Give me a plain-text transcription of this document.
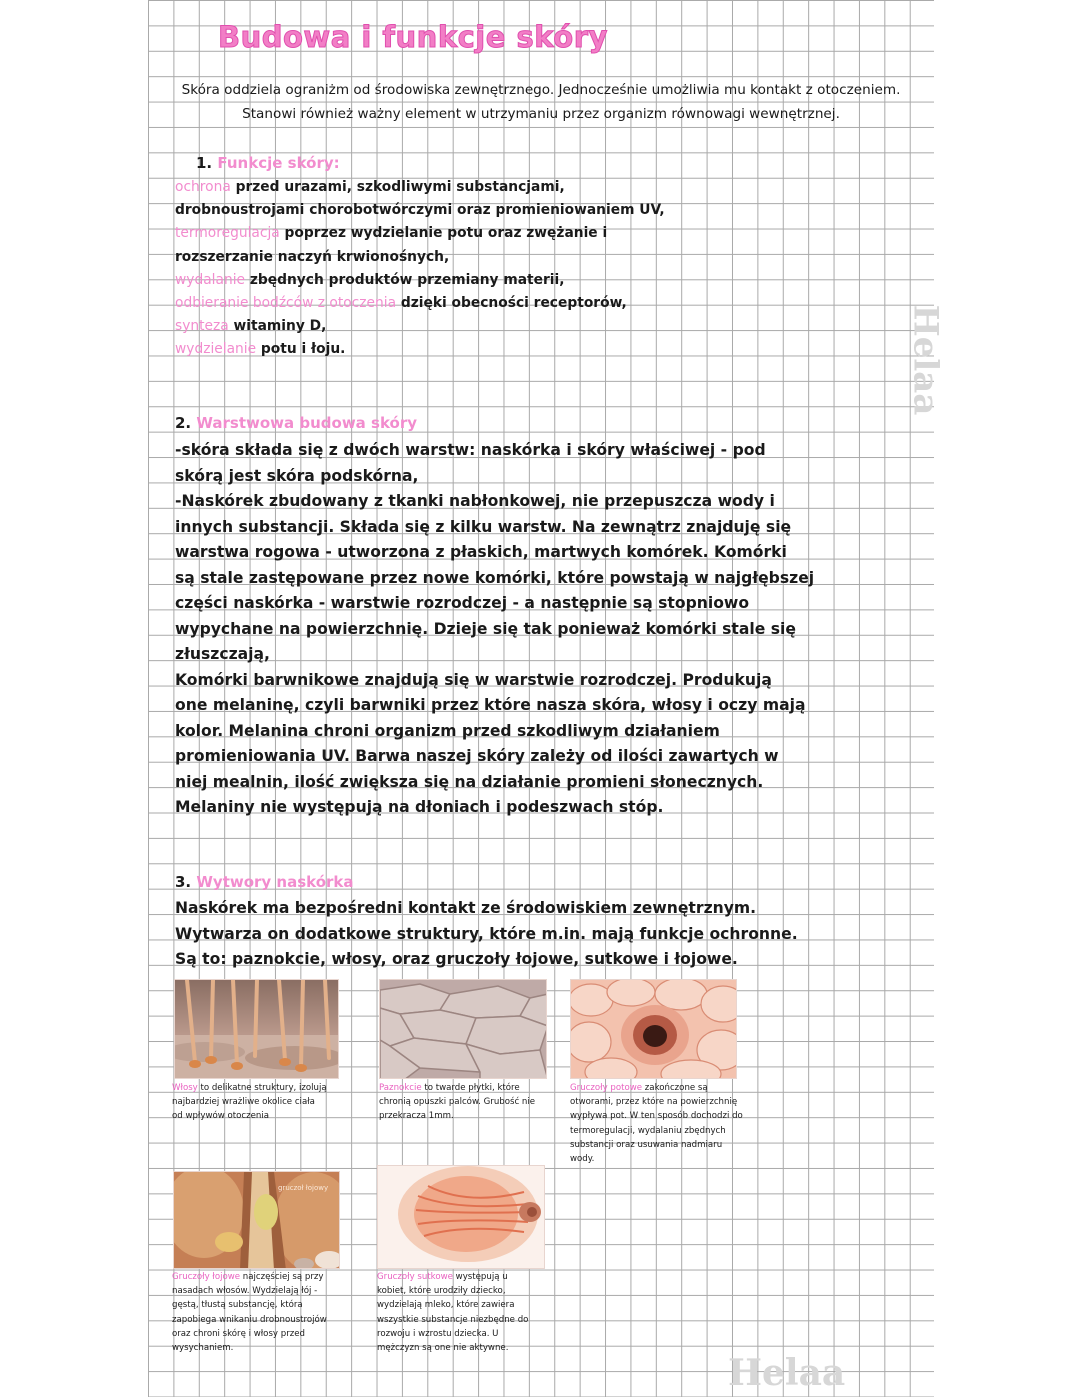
Budowa i funkcje skóry
Skóra oddziela ograniżm od środowiska zewnętrznego. Jednocześnie umożliwia mu kontakt z otoczeniem. Stanowi również ważny element w utrzymaniu przez organizm równowagi wewnętrznej.
1. Funkcje skóry:
ochrona przed urazami, szkodliwymi substancjami,
drobnoustrojami chorobotwórczymi oraz promieniowaniem UV,
termoregulacja poprzez wydzielanie potu oraz zwężanie i
rozszerzanie naczyń krwionośnych,
wydalanie zbędnych produktów przemiany materii,
odbieranie bodźców z otoczenia dzięki obecności receptorów,
synteza witaminy D,
wydzielanie potu i łoju.
2. Warstwowa budowa skóry
-skóra składa się z dwóch warstw: naskórka i skóry właściwej - pod
skórą jest skóra podskórna,
-Naskórek zbudowany z tkanki nabłonkowej, nie przepuszcza wody i
innych substancji. Składa się z kilku warstw. Na zewnątrz znajduję się
warstwa rogowa - utworzona z płaskich, martwych komórek. Komórki
są stale zastępowane przez nowe komórki, które powstają w najgłębszej
części naskórka - warstwie rozrodczej - a następnie są stopniowo
wypychane na powierzchnię. Dzieje się tak ponieważ komórki stale się
złuszczają,
Komórki barwnikowe znajdują się w warstwie rozrodczej. Produkują
one melaninę, czyli barwniki przez które nasza skóra, włosy i oczy mają
kolor. Melanina chroni organizm przed szkodliwym działaniem
promieniowania UV. Barwa naszej skóry zależy od ilości zawartych w
niej mealnin, ilość zwiększa się na działanie promieni słonecznych.
Melaniny nie występują na dłoniach i podeszwach stóp.
3. Wytwory naskórka
Naskórek ma bezpośredni kontakt ze środowiskiem zewnętrznym.
Wytwarza on dodatkowe struktury, które m.in. mają funkcje ochronne.
Są to: paznokcie, włosy, oraz gruczoły łojowe, sutkowe i łojowe.
Włosy to delikatne struktury, izolują
najbardziej wrażliwe okolice ciała
od wpływów otoczenia
Paznokcie to twarde płytki, które
chronią opuszki palców. Grubość nie
przekracza 1mm.
Gruczoły potowe zakończone są
otworami, przez które na powierzchnię
wypływa pot. W ten sposób dochodzi do
termoregulacji, wydalaniu zbędnych
substancji oraz usuwania nadmiaru
wody.
gruczoł łojowy
Gruczoły łojowe najczęściej są przy
nasadach włosów. Wydzielają łój -
gęstą, tłustą substancję, która
zapobiega wnikaniu drobnoustrojów
oraz chroni skórę i włosy przed
wysychaniem.
Gruczoły sutkowe występują u
kobiet, które urodziły dziecko,
wydzielają mleko, które zawiera
wszystkie substancje niezbędne do
rozwoju i wzrostu dziecka. U
mężczyzn są one nie aktywne.
Helaa
Helaa
